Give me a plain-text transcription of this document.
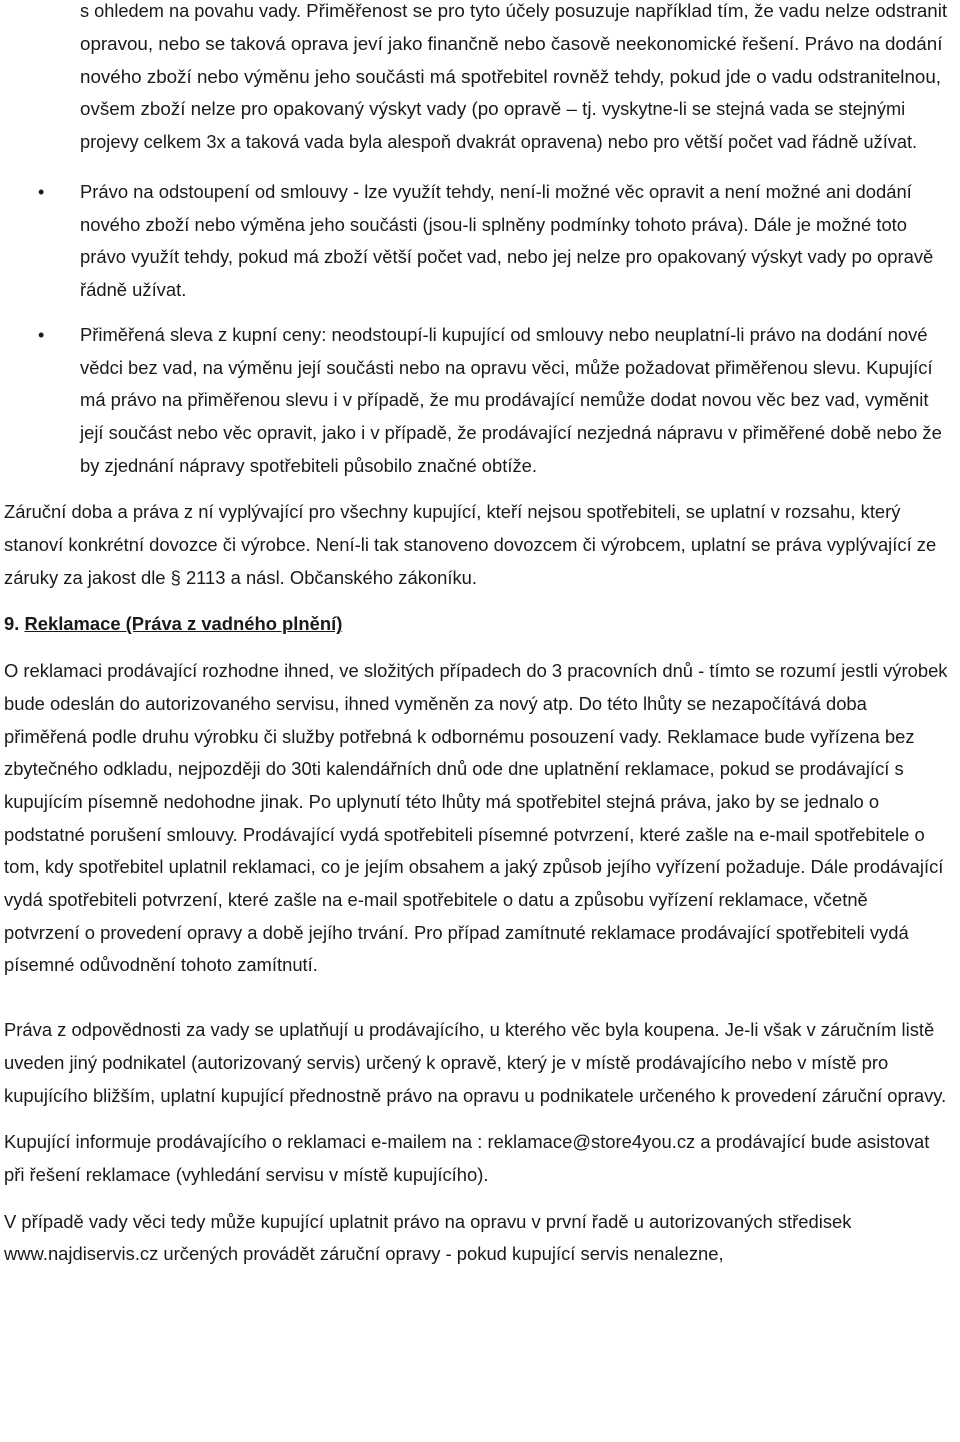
s ohledem na povahu vady. Přiměřenost se pro tyto účely posuzuje například tím, že vadu nelze odstranit opravou, nebo se taková oprava jeví jako finančně nebo časově neekonomické řešení. Právo na dodání nového zboží nebo výměnu jeho součásti má spotřebitel rovněž tehdy, pokud jde o vadu odstranitelnou, ovšem zboží nelze pro opakovaný výskyt vady (po opravě – tj. vyskytne-li se stejná vada se stejnými projevy celkem 3x a taková vada byla alespoň dvakrát opravena) nebo pro větší počet vad řádně užívat.

• Právo na odstoupení od smlouvy - lze využít tehdy, není-li možné věc opravit a není možné ani dodání nového zboží nebo výměna jeho součásti (jsou-li splněny podmínky tohoto práva). Dále je možné toto právo využít tehdy, pokud má zboží větší počet vad, nebo jej nelze pro opakovaný výskyt vady po opravě řádně užívat.
• Přiměřená sleva z kupní ceny: neodstoupí-li kupující od smlouvy nebo neuplatní-li právo na dodání nové vědci bez vad, na výměnu její součásti nebo na opravu věci, může požadovat přiměřenou slevu. Kupující má právo na přiměřenou slevu i v případě, že mu prodávající nemůže dodat novou věc bez vad, vyměnit její součást nebo věc opravit, jako i v případě, že prodávající nezjedná nápravu v přiměřené době nebo že by zjednání nápravy spotřebiteli působilo značné obtíže.

Záruční doba a práva z ní vyplývající pro všechny kupující, kteří nejsou spotřebiteli, se uplatní v rozsahu, který stanoví konkrétní dovozce či výrobce. Není-li tak stanoveno dovozcem či výrobcem, uplatní se práva vyplývající ze záruky za jakost dle § 2113 a násl. Občanského zákoníku.

9. Reklamace (Práva z vadného plnění)

O reklamaci prodávající rozhodne ihned, ve složitých případech do 3 pracovních dnů - tímto se rozumí jestli výrobek bude odeslán do autorizovaného servisu, ihned vyměněn za nový atp. Do této lhůty se nezapočítává doba přiměřená podle druhu výrobku či služby potřebná k odbornému posouzení vady. Reklamace bude vyřízena bez zbytečného odkladu, nejpozději do 30ti kalendářních dnů ode dne uplatnění reklamace, pokud se prodávající s kupujícím písemně nedohodne jinak. Po uplynutí této lhůty má spotřebitel stejná práva, jako by se jednalo o podstatné porušení smlouvy. Prodávající vydá spotřebiteli písemné potvrzení, které zašle na e-mail spotřebitele o tom, kdy spotřebitel uplatnil reklamaci, co je jejím obsahem a jaký způsob jejího vyřízení požaduje. Dále prodávající vydá spotřebiteli potvrzení, které zašle na e-mail spotřebitele o datu a způsobu vyřízení reklamace, včetně potvrzení o provedení opravy a době jejího trvání. Pro případ zamítnuté reklamace prodávající spotřebiteli vydá písemné odůvodnění tohoto zamítnutí.

Práva z odpovědnosti za vady se uplatňují u prodávajícího, u kterého věc byla koupena. Je-li však v záručním listě uveden jiný podnikatel (autorizovaný servis) určený k opravě, který je v místě prodávajícího nebo v místě pro kupujícího bližším, uplatní kupující přednostně právo na opravu u podnikatele určeného k provedení záruční opravy.

Kupující informuje prodávajícího o reklamaci e-mailem na : reklamace@store4you.cz a prodávající bude asistovat při řešení reklamace (vyhledání servisu v místě kupujícího).

V případě vady věci tedy může kupující uplatnit právo na opravu v první řadě u autorizovaných středisek www.najdiservis.cz určených provádět záruční opravy - pokud kupující servis nenalezne,
